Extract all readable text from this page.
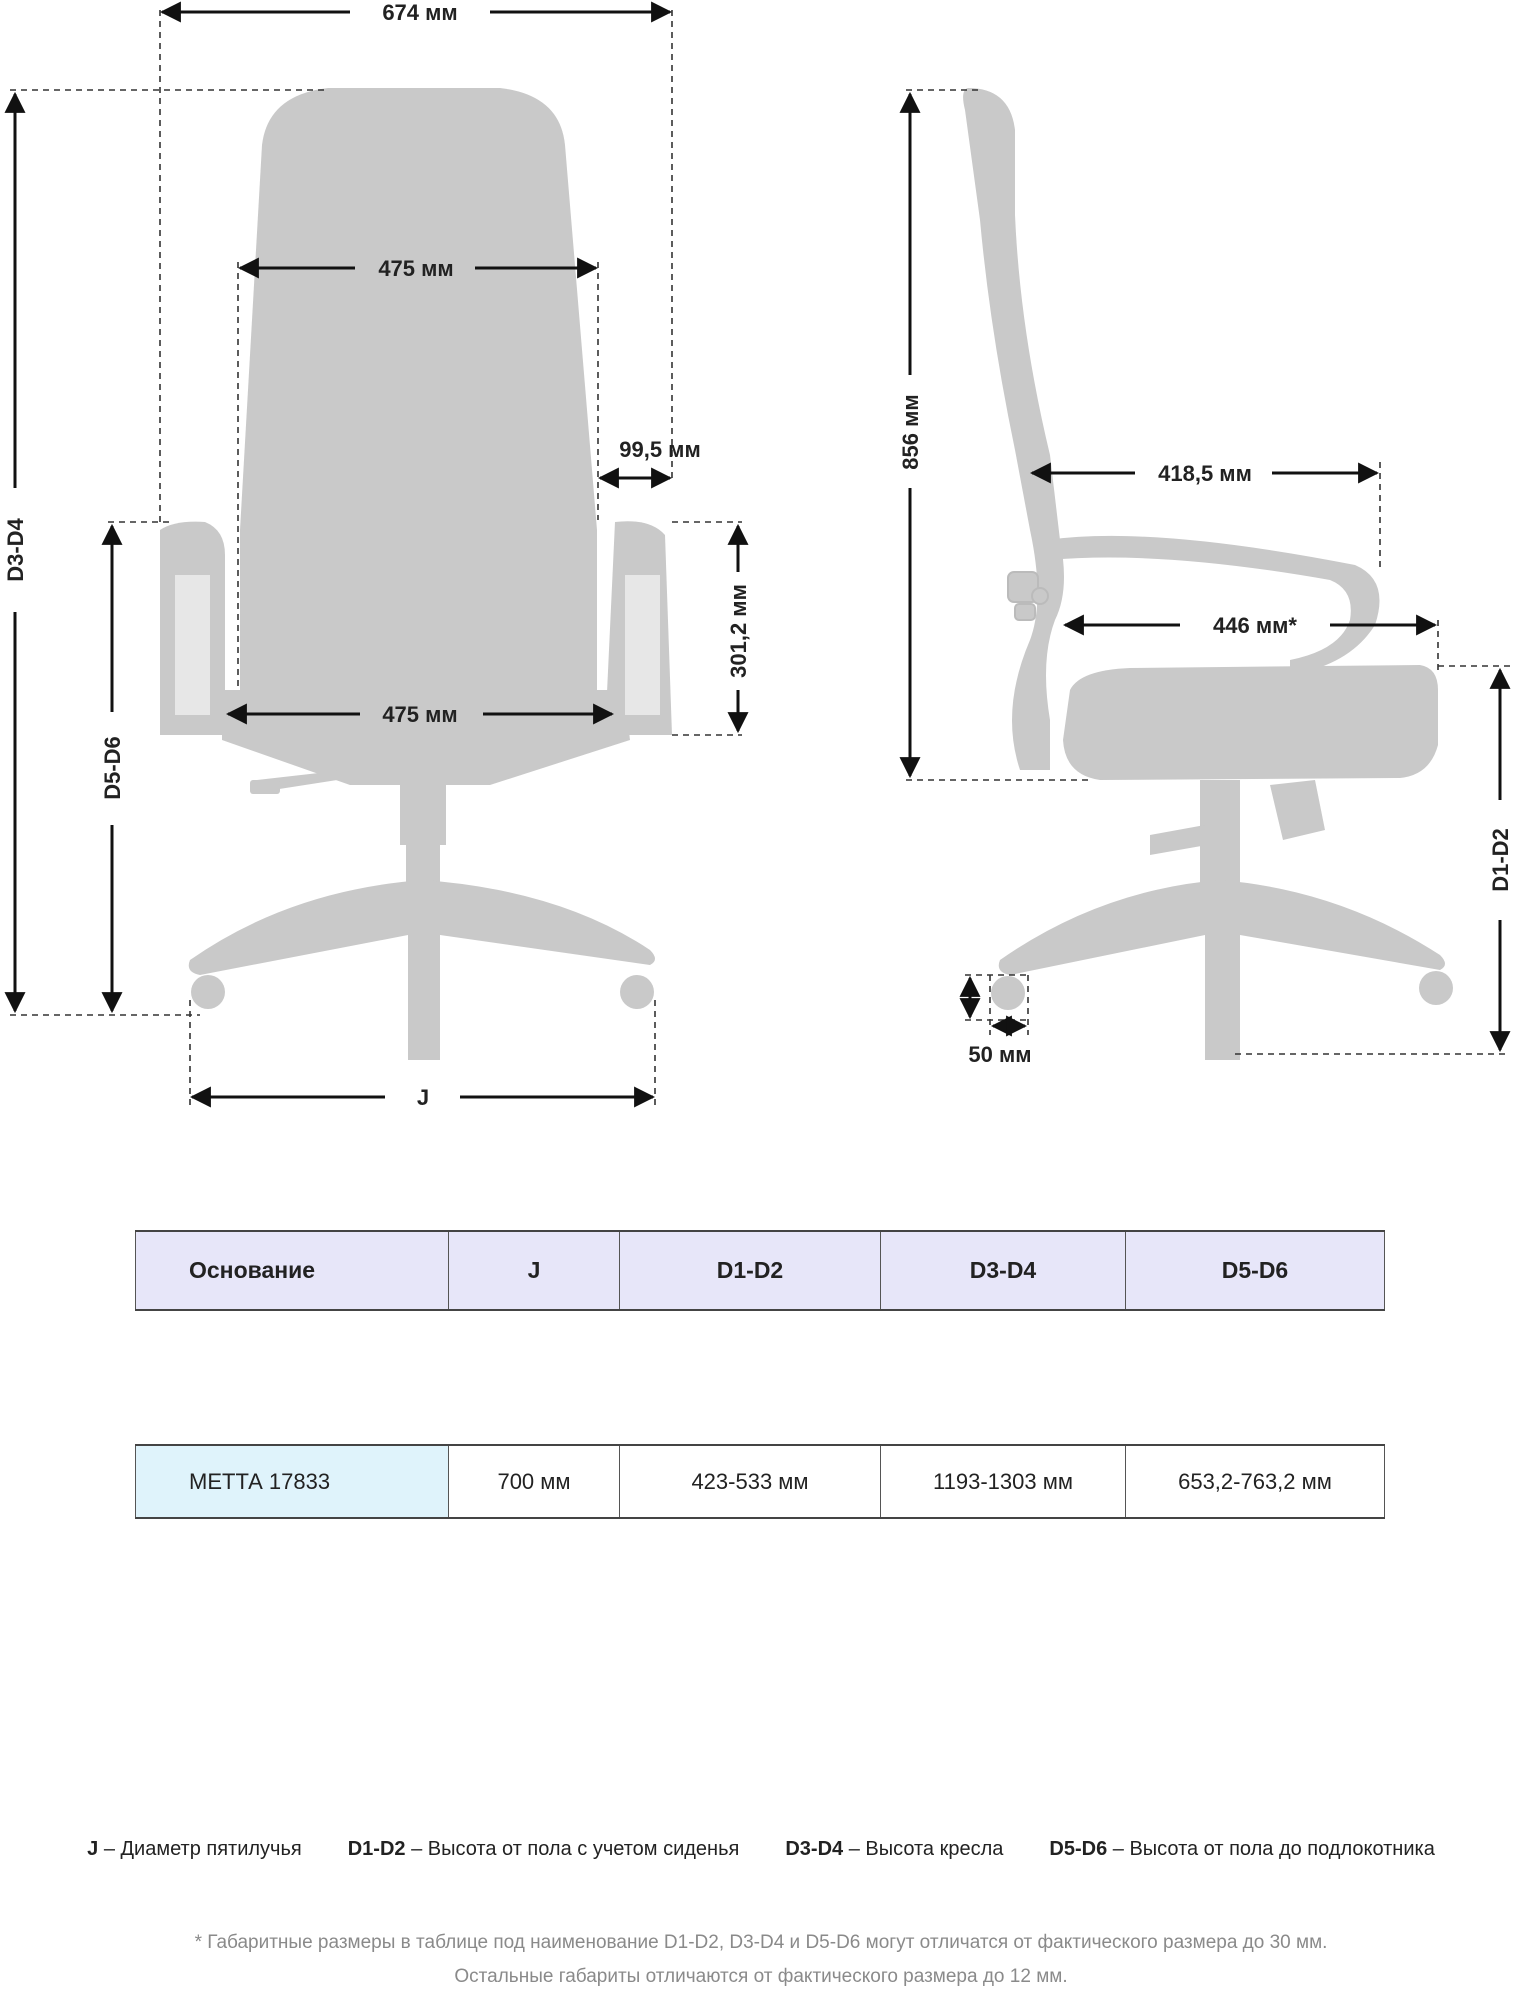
674 мм
475 мм
475 мм
99,5 мм
301,2 мм
D3-D4
D5-D6
J
856 мм
418,5 мм
446 мм*
50 мм
D1-D2
Основание	J	D1-D2	D3-D4	D5-D6
МЕТТА 17833	700 мм	423-533 мм	1193-1303 мм	653,2-763,2 мм
J – Диаметр пятилучья D1-D2 – Высота от пола с учетом сиденья D3-D4 – Высота кресла D5-D6 – Высота от пола до подлокотника
* Габаритные размеры в таблице под наименование D1-D2, D3-D4 и D5-D6 могут отличатся от фактического размера до 30 мм.
Остальные габариты отличаются от фактического размера до 12 мм.
